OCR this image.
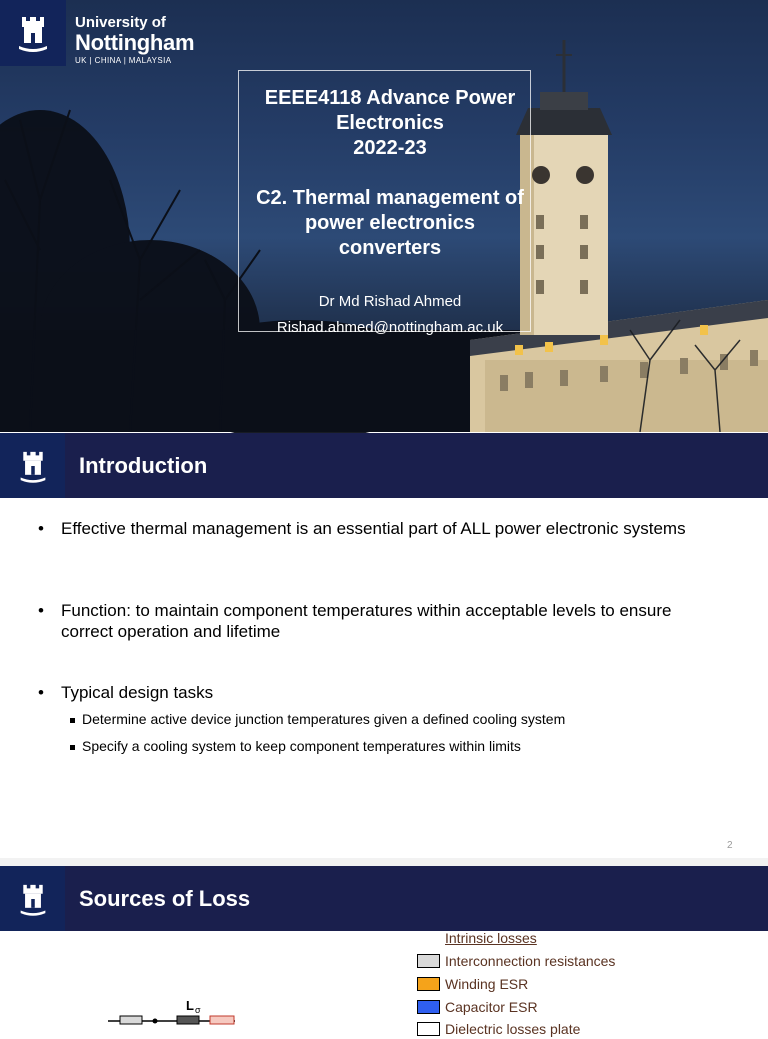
University of
Nottingham
UK | CHINA | MALAYSIA
EEEE4118 Advance Power
Electronics
2022-23
C2. Thermal management of
power electronics
converters
Dr Md Rishad Ahmed
Rishad.ahmed@nottingham.ac.uk
Introduction
• Effective thermal management is an essential part of ALL power electronic systems
• Function: to maintain component temperatures within acceptable levels to ensure correct operation and lifetime
• Typical design tasks
Determine active device junction temperatures given a defined cooling system
Specify a cooling system to keep component temperatures within limits
2
Sources of Loss
L σ
Intrinsic losses
Interconnection resistances
Winding ESR
Capacitor ESR
Dielectric losses plate
